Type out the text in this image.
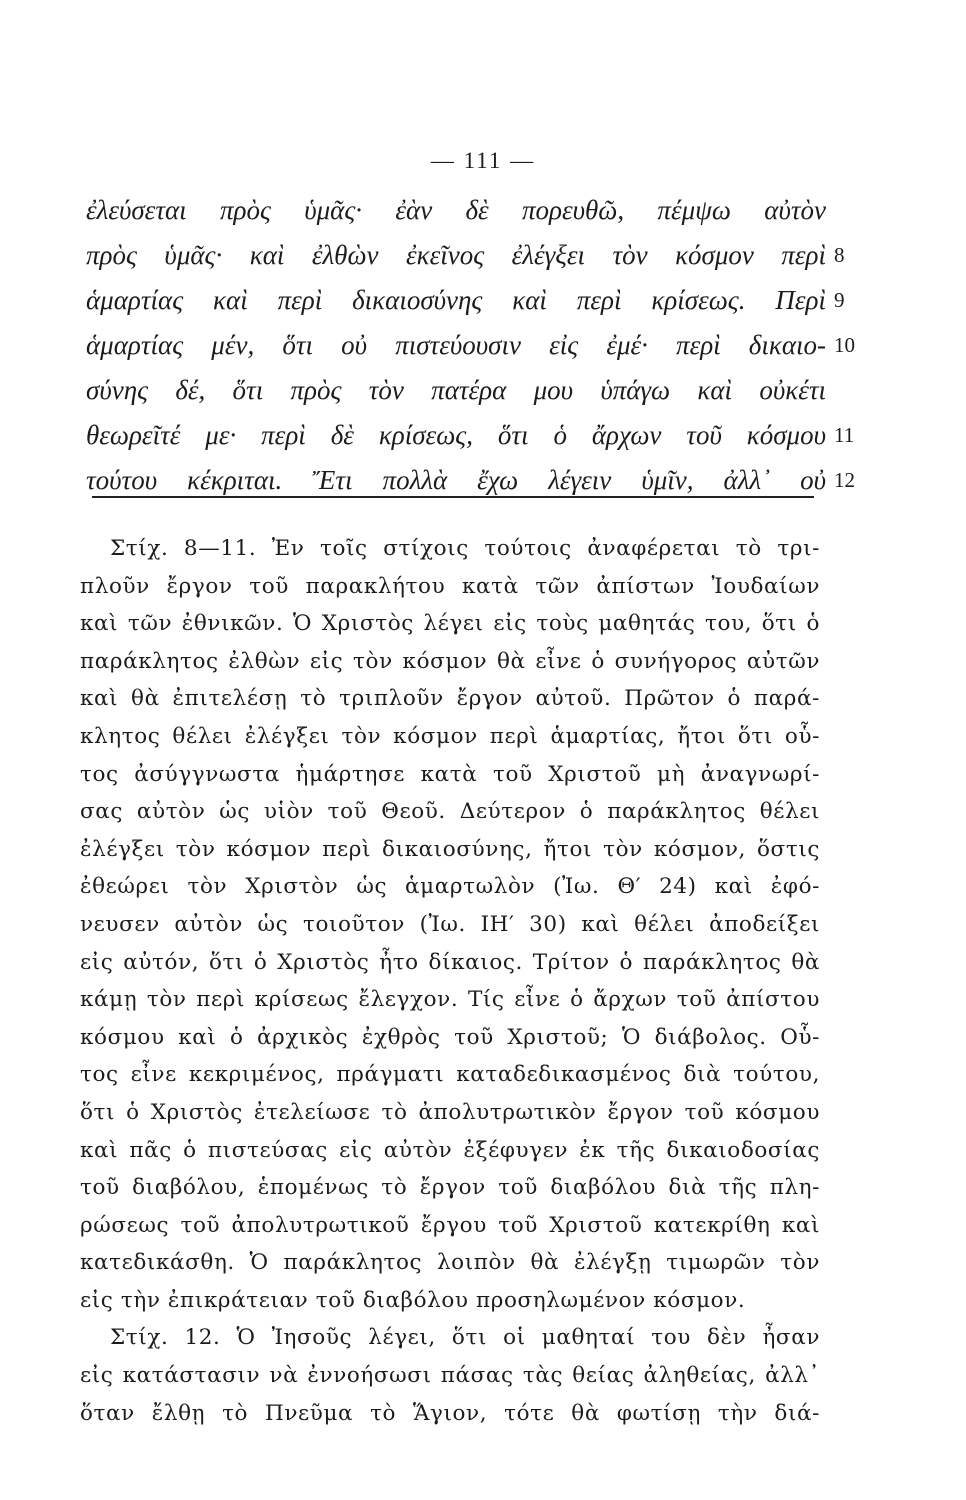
— 111 —
ἐλεύσεται πρὸς ὑμᾶς· ἐὰν δὲ πορευθῶ, πέμψω αὐτὸν
πρὸς ὑμᾶς· καὶ ἐλθὼν ἐκεῖνος ἐλέγξει τὸν κόσμον περὶ 8
ἁμαρτίας καὶ περὶ δικαιοσύνης καὶ περὶ κρίσεως. Περὶ 9
ἁμαρτίας μέν, ὅτι οὐ πιστεύουσιν εἰς ἐμέ· περὶ δικαιο- 10
σύνης δέ, ὅτι πρὸς τὸν πατέρα μου ὑπάγω καὶ οὐκέτι
θεωρεῖτέ με· περὶ δὲ κρίσεως, ὅτι ὁ ἄρχων τοῦ κόσμου 11
τούτου κέκριται. Ἔτι πολλὰ ἔχω λέγειν ὑμῖν, ἀλλ᾽ οὐ 12
Στίχ. 8—11. Ἐν τοῖς στίχοις τούτοις ἀναφέρεται τὸ τρι-
πλοῦν ἔργον τοῦ παρακλήτου κατὰ τῶν ἀπίστων Ἰουδαίων
καὶ τῶν ἐθνικῶν. Ὁ Χριστὸς λέγει εἰς τοὺς μαθητάς του, ὅτι ὁ
παράκλητος ἐλθὼν εἰς τὸν κόσμον θὰ εἶνε ὁ συνήγορος αὐτῶν
καὶ θὰ ἐπιτελέσῃ τὸ τριπλοῦν ἔργον αὐτοῦ. Πρῶτον ὁ παρά-
κλητος θέλει ἐλέγξει τὸν κόσμον περὶ ἁμαρτίας, ἤτοι ὅτι οὗ-
τος ἀσύγγνωστα ἡμάρτησε κατὰ τοῦ Χριστοῦ μὴ ἀναγνωρί-
σας αὐτὸν ὡς υἱὸν τοῦ Θεοῦ. Δεύτερον ὁ παράκλητος θέλει
ἐλέγξει τὸν κόσμον περὶ δικαιοσύνης, ἤτοι τὸν κόσμον, ὅστις
ἐθεώρει τὸν Χριστὸν ὡς ἁμαρτωλὸν (Ἰω. Θ′ 24) καὶ ἐφό-
νευσεν αὐτὸν ὡς τοιοῦτον (Ἰω. ΙΗ′ 30) καὶ θέλει ἀποδείξει
εἰς αὐτόν, ὅτι ὁ Χριστὸς ἦτο δίκαιος. Τρίτον ὁ παράκλητος θὰ
κάμῃ τὸν περὶ κρίσεως ἔλεγχον. Τίς εἶνε ὁ ἄρχων τοῦ ἀπίστου
κόσμου καὶ ὁ ἀρχικὸς ἐχθρὸς τοῦ Χριστοῦ; Ὁ διάβολος. Οὗ-
τος εἶνε κεκριμένος, πράγματι καταδεδικασμένος διὰ τούτου,
ὅτι ὁ Χριστὸς ἐτελείωσε τὸ ἀπολυτρωτικὸν ἔργον τοῦ κόσμου
καὶ πᾶς ὁ πιστεύσας εἰς αὐτὸν ἐξέφυγεν ἐκ τῆς δικαιοδοσίας
τοῦ διαβόλου, ἑπομένως τὸ ἔργον τοῦ διαβόλου διὰ τῆς πλη-
ρώσεως τοῦ ἀπολυτρωτικοῦ ἔργου τοῦ Χριστοῦ κατεκρίθη καὶ
κατεδικάσθη. Ὁ παράκλητος λοιπὸν θὰ ἐλέγξῃ τιμωρῶν τὸν
εἰς τὴν ἐπικράτειαν τοῦ διαβόλου προσηλωμένον κόσμον.
Στίχ. 12. Ὁ Ἰησοῦς λέγει, ὅτι οἱ μαθηταί του δὲν ἦσαν
εἰς κατάστασιν νὰ ἐννοήσωσι πάσας τὰς θείας ἀληθείας, ἀλλ᾽
ὅταν ἔλθῃ τὸ Πνεῦμα τὸ Ἅγιον, τότε θὰ φωτίσῃ τὴν διά-
